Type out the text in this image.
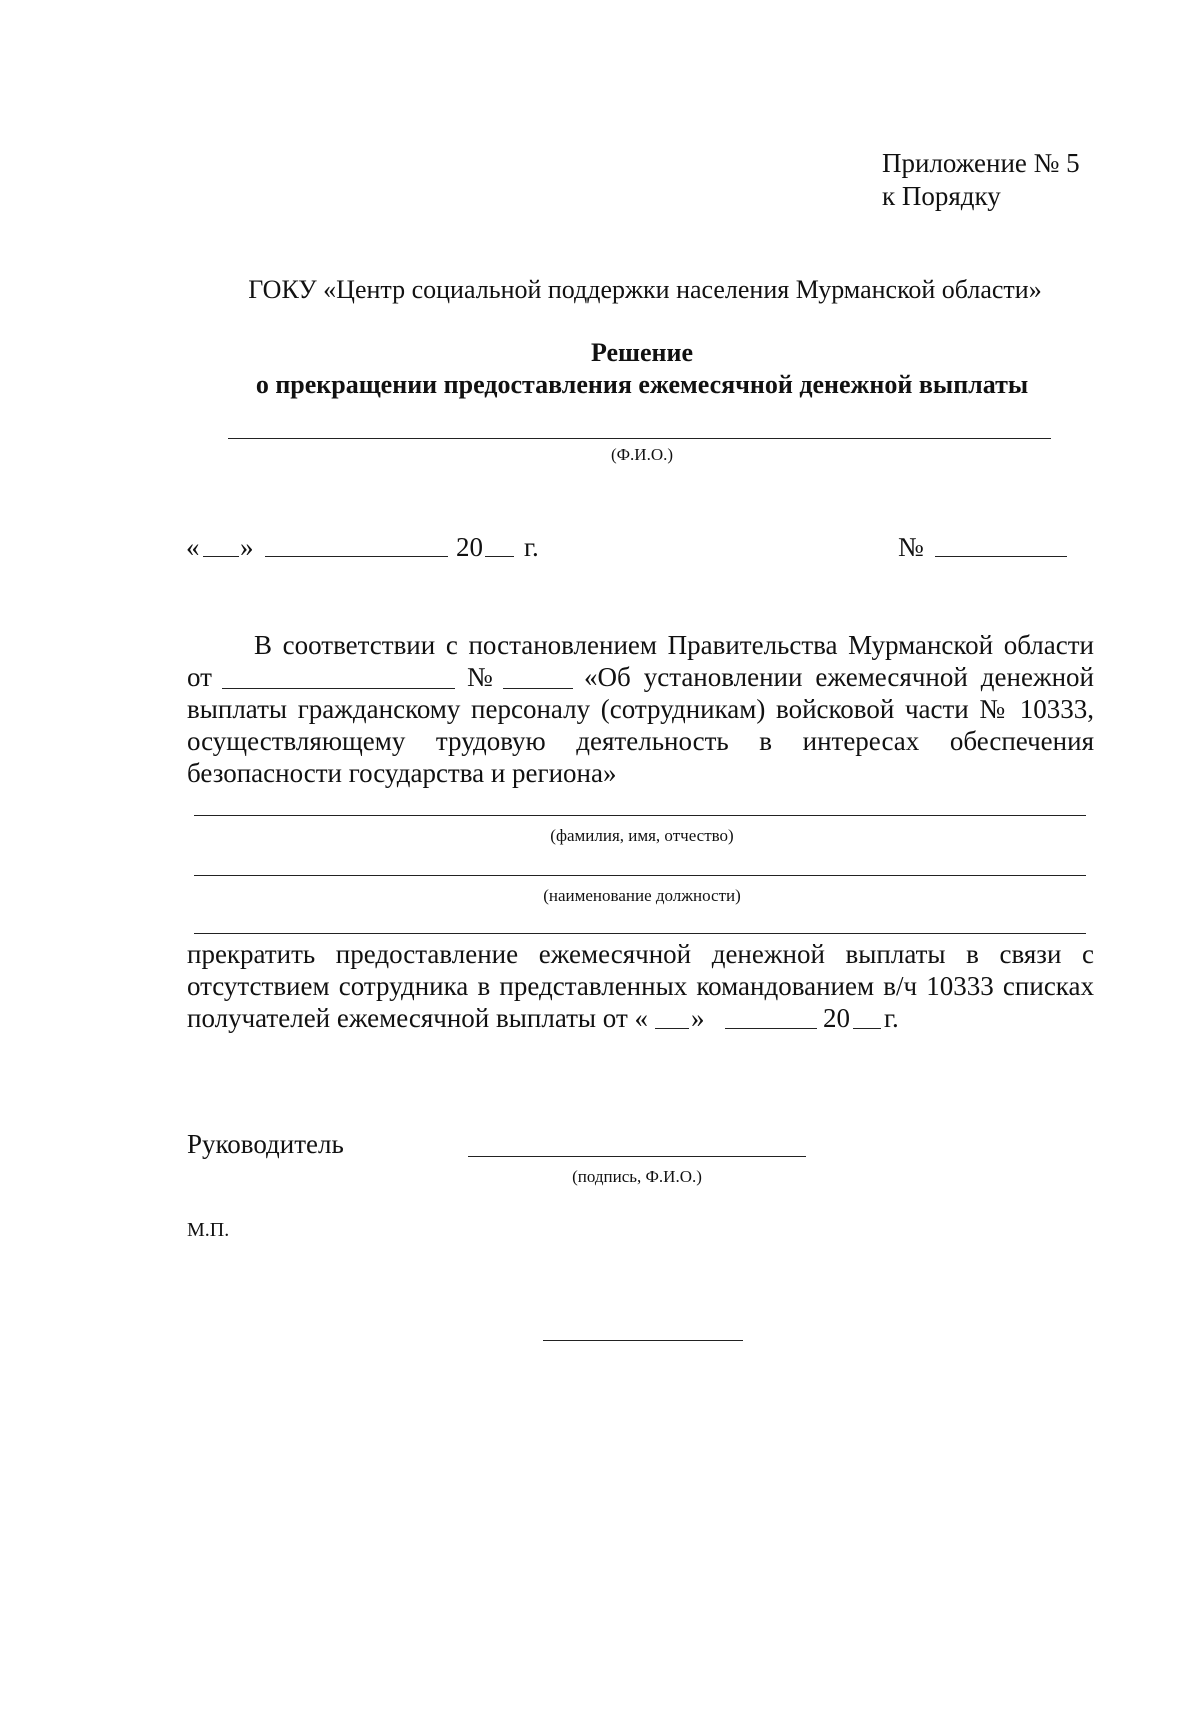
Приложение № 5
к Порядку
ГОКУ «Центр социальной поддержки населения Мурманской области»
Решение
о прекращении предоставления ежемесячной денежной выплаты
(Ф.И.О.)
« »	20 г.	№
В соответствии с постановлением Правительства Мурманской области
от	№	«Об установлении ежемесячной денежной
выплаты гражданскому персоналу (сотрудникам) войсковой части № 10333,
осуществляющему трудовую деятельность в интересах обеспечения
безопасности государства и региона»
(фамилия, имя, отчество)
(наименование должности)
прекратить предоставление ежемесячной денежной выплаты в связи с
отсутствием сотрудника в представленных командованием в/ч 10333 списках
получателей ежемесячной выплаты от « »	20 г.
Руководитель
(подпись, Ф.И.О.)
М.П.
